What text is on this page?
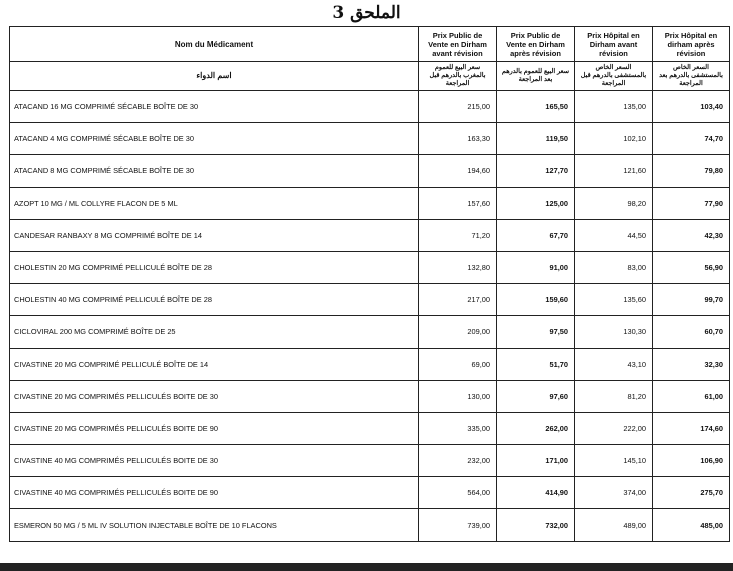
الملحق 3
Nom du Médicament	Prix Public de Vente en Dirham avant révision	Prix Public de Vente en Dirham après révision	Prix Hôpital en Dirham avant révision	Prix Hôpital en dirham après révision
اسم الدواء	سعر البيع للعموم بالمغرب بالدرهم قبل المراجعة	سعر البيع للعموم بالدرهم بعد المراجعة	السعر الخاص بالمستشفى بالدرهم قبل المراجعة	السعر الخاص بالمستشفى بالدرهم بعد المراجعة
ATACAND 16 MG COMPRIMÉ SÉCABLE BOÎTE DE 30	215,00	165,50	135,00	103,40
ATACAND 4 MG COMPRIMÉ SÉCABLE BOÎTE DE 30	163,30	119,50	102,10	74,70
ATACAND 8 MG COMPRIMÉ SÉCABLE BOÎTE DE 30	194,60	127,70	121,60	79,80
AZOPT 10 MG / ML COLLYRE FLACON DE 5 ML	157,60	125,00	98,20	77,90
CANDESAR RANBAXY 8 MG COMPRIMÉ BOÎTE DE 14	71,20	67,70	44,50	42,30
CHOLESTIN 20 MG COMPRIMÉ PELLICULÉ BOÎTE DE 28	132,80	91,00	83,00	56,90
CHOLESTIN 40 MG COMPRIMÉ PELLICULÉ BOÎTE DE 28	217,00	159,60	135,60	99,70
CICLOVIRAL 200 MG COMPRIMÉ BOÎTE DE 25	209,00	97,50	130,30	60,70
CIVASTINE 20 MG COMPRIMÉ PELLICULÉ BOÎTE DE 14	69,00	51,70	43,10	32,30
CIVASTINE 20 MG COMPRIMÉS PELLICULÉS BOITE DE 30	130,00	97,60	81,20	61,00
CIVASTINE 20 MG COMPRIMÉS PELLICULÉS BOITE DE 90	335,00	262,00	222,00	174,60
CIVASTINE 40 MG COMPRIMÉS PELLICULÉS BOITE DE 30	232,00	171,00	145,10	106,90
CIVASTINE 40 MG COMPRIMÉS PELLICULÉS BOITE DE 90	564,00	414,90	374,00	275,70
ESMERON 50 MG / 5 ML IV SOLUTION INJECTABLE BOÎTE DE 10 FLACONS	739,00	732,00	489,00	485,00
